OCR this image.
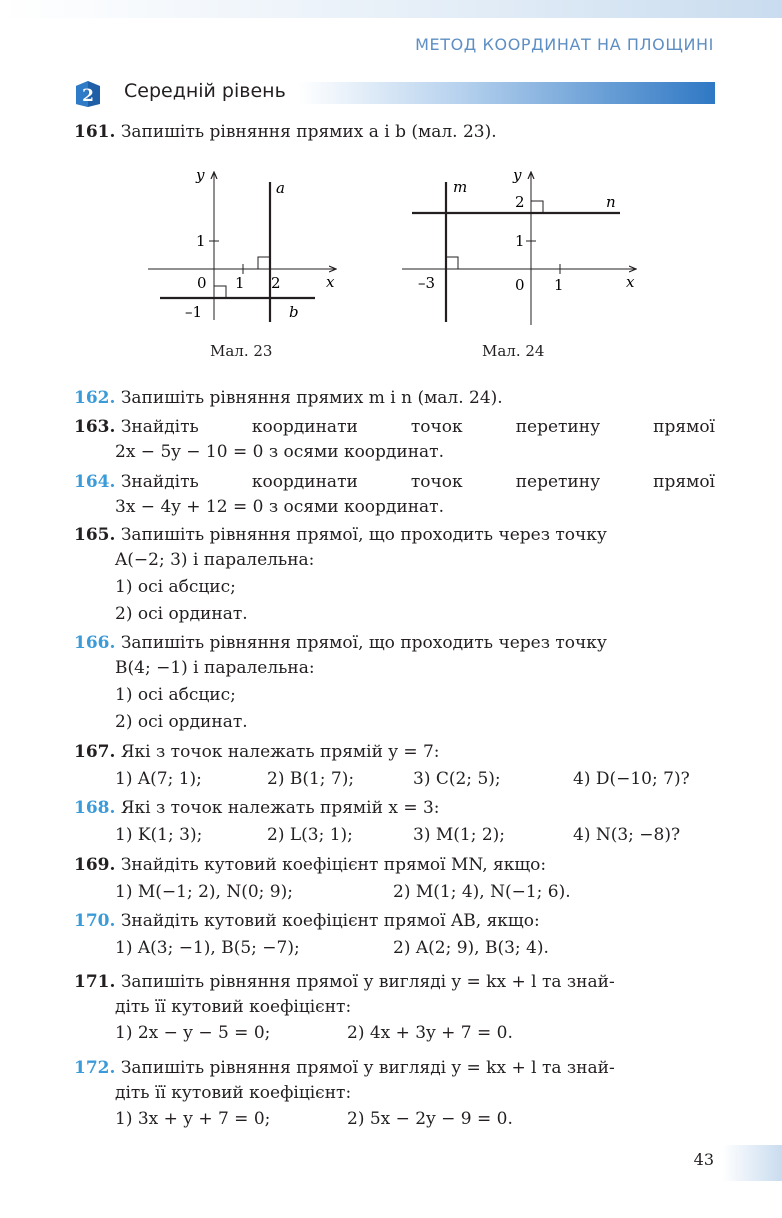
МЕТОД КООРДИНАТ НА ПЛОЩИНІ
2 Середній рівень
161. Запишіть рівняння прямих a і b (мал. 23).
y
x
a
b
1 2
1
0
–1
Мал. 23
y
x
m
n
2
1
–3	0 1
Мал. 24
162. Запишіть рівняння прямих m і n (мал. 24).
163. Знайдіть	координати	точок	перетину	прямої
2x − 5y − 10 = 0 з осями координат.
164. Знайдіть	координати	точок	перетину	прямої
3x − 4y + 12 = 0 з осями координат.
165. Запишіть рівняння прямої, що проходить через точку
A(−2; 3) і паралельна:
1) осі абсцис;
2) осі ординат.
166. Запишіть рівняння прямої, що проходить через точку
B(4; −1) і паралельна:
1) осі абсцис;
2) осі ординат.
167. Які з точок належать прямій y = 7:
1) A(7; 1);	2) B(1; 7);	3) C(2; 5);	4) D(−10; 7)?
168. Які з точок належать прямій x = 3:
1) K(1; 3);	2) L(3; 1);	3) M(1; 2);	4) N(3; −8)?
169. Знайдіть кутовий коефіцієнт прямої MN, якщо:
1) M(−1; 2), N(0; 9);	2) M(1; 4), N(−1; 6).
170. Знайдіть кутовий коефіцієнт прямої AB, якщо:
1) A(3; −1), B(5; −7);	2) A(2; 9), B(3; 4).
171. Запишіть рівняння прямої у вигляді y = kx + l та знай-
діть її кутовий коефіцієнт:
1) 2x − y − 5 = 0;	2) 4x + 3y + 7 = 0.
172. Запишіть рівняння прямої у вигляді y = kx + l та знай-
діть її кутовий коефіцієнт:
1) 3x + y + 7 = 0;	2) 5x − 2y − 9 = 0.
43
